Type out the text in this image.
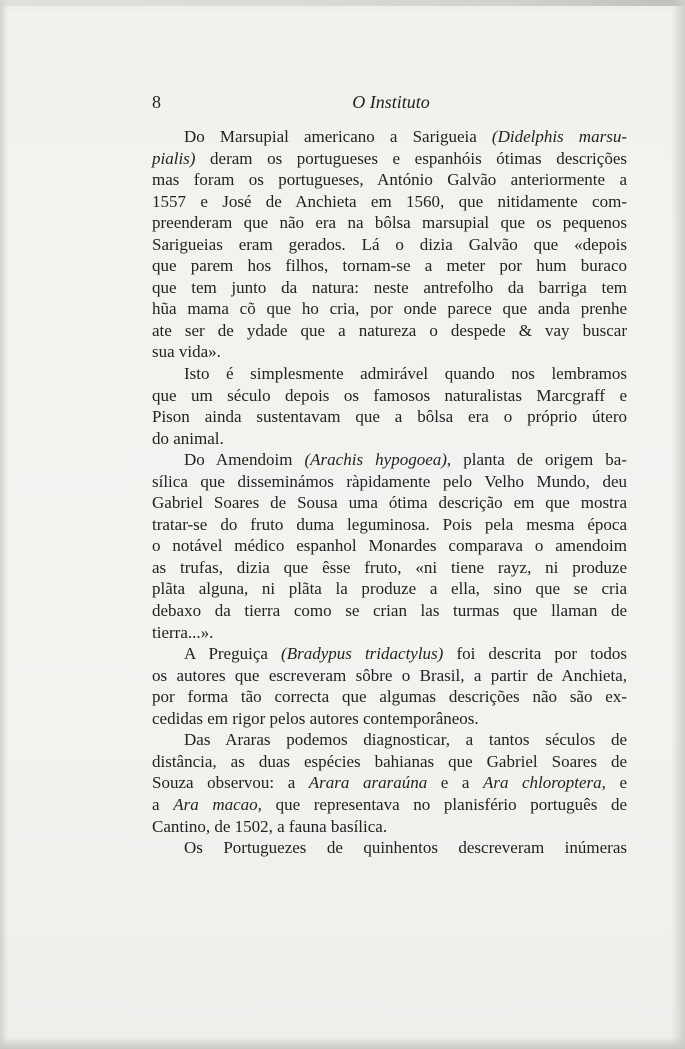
8	O Instituto
Do Marsupial americano a Sarigueia (Didelphis marsu-
pialis) deram os portugueses e espanhóis ótimas descrições
mas foram os portugueses, António Galvão anteriormente a
1557 e José de Anchieta em 1560, que nitidamente com-
preenderam que não era na bôlsa marsupial que os pequenos
Sarigueias eram gerados. Lá o dizia Galvão que «depois
que parem hos filhos, tornam-se a meter por hum buraco
que tem junto da natura: neste antrefolho da barriga tem
hũa mama cõ que ho cria, por onde parece que anda prenhe
ate ser de ydade que a natureza o despede & vay buscar
sua vida».
Isto é simplesmente admirável quando nos lembramos
que um século depois os famosos naturalistas Marcgraff e
Pison ainda sustentavam que a bôlsa era o próprio útero
do animal.
Do Amendoim (Arachis hypogoea), planta de origem ba-
sílica que disseminámos ràpidamente pelo Velho Mundo, deu
Gabriel Soares de Sousa uma ótima descrição em que mostra
tratar-se do fruto duma leguminosa. Pois pela mesma época
o notável médico espanhol Monardes comparava o amendoim
as trufas, dizia que êsse fruto, «ni tiene rayz, ni produze
plãta alguna, ni plãta la produze a ella, sino que se cria
debaxo da tierra como se crian las turmas que llaman de
tierra...».
A Preguiça (Bradypus tridactylus) foi descrita por todos
os autores que escreveram sôbre o Brasil, a partir de Anchieta,
por forma tão correcta que algumas descrições não são ex-
cedidas em rigor pelos autores contemporâneos.
Das Araras podemos diagnosticar, a tantos séculos de
distância, as duas espécies bahianas que Gabriel Soares de
Souza observou: a Arara araraúna e a Ara chloroptera, e
a Ara macao, que representava no planisfério português de
Cantino, de 1502, a fauna basílica.
Os Portuguezes de quinhentos descreveram inúmeras
